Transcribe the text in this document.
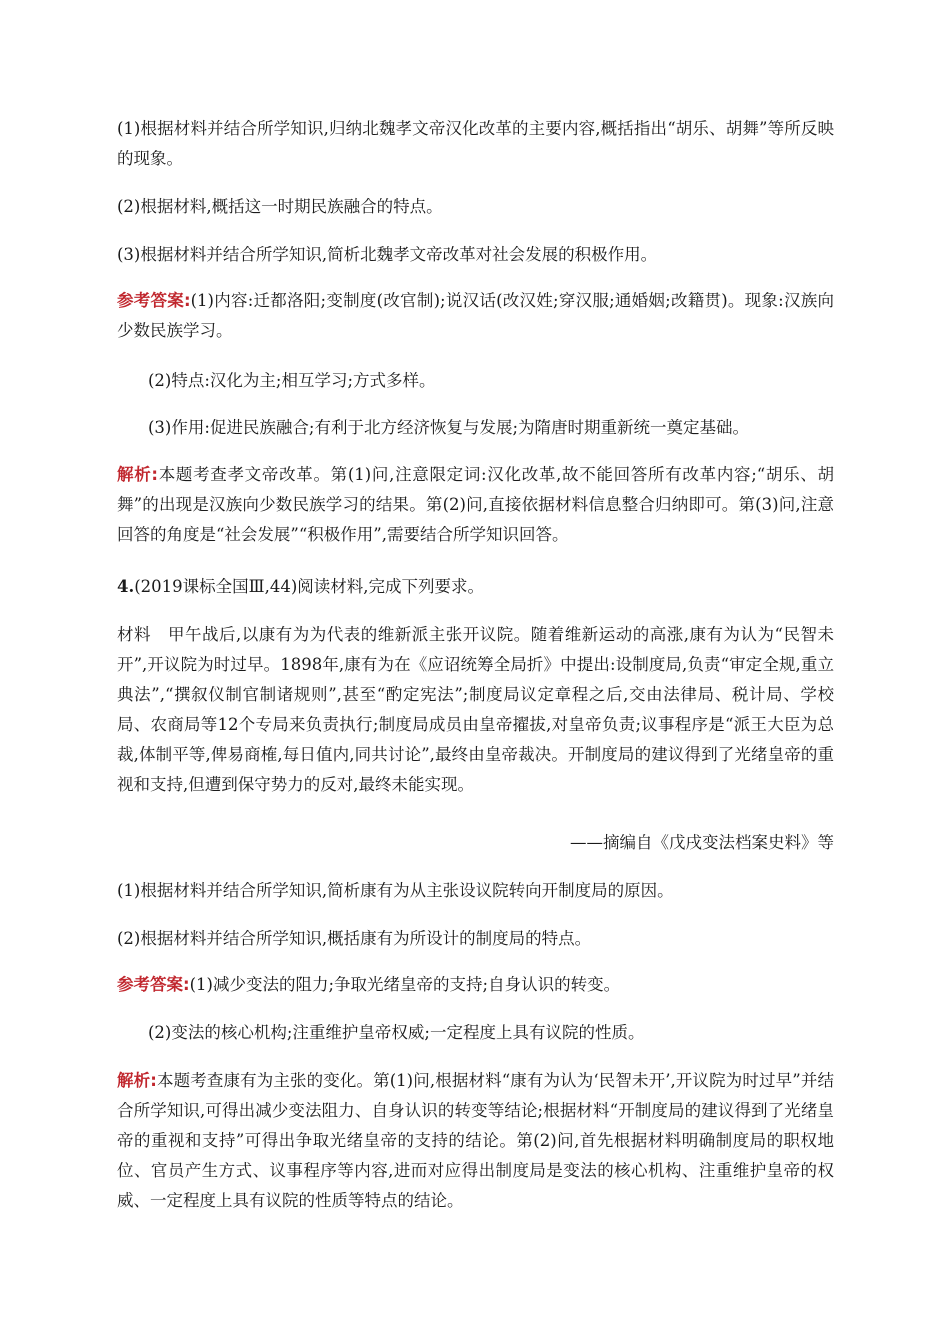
(1)根据材料并结合所学知识,归纳北魏孝文帝汉化改革的主要内容,概括指出“胡乐、胡舞”等所反映的现象。

(2)根据材料,概括这一时期民族融合的特点。

(3)根据材料并结合所学知识,简析北魏孝文帝改革对社会发展的积极作用。

参考答案:(1)内容:迁都洛阳;变制度(改官制);说汉话(改汉姓;穿汉服;通婚姻;改籍贯)。现象:汉族向少数民族学习。

(2)特点:汉化为主;相互学习;方式多样。

(3)作用:促进民族融合;有利于北方经济恢复与发展;为隋唐时期重新统一奠定基础。

解析:本题考查孝文帝改革。第(1)问,注意限定词:汉化改革,故不能回答所有改革内容;“胡乐、胡舞”的出现是汉族向少数民族学习的结果。第(2)问,直接依据材料信息整合归纳即可。第(3)问,注意回答的角度是“社会发展”“积极作用”,需要结合所学知识回答。

4.(2019课标全国Ⅲ,44)阅读材料,完成下列要求。

材料　甲午战后,以康有为为代表的维新派主张开议院。随着维新运动的高涨,康有为认为“民智未开”,开议院为时过早。1898年,康有为在《应诏统筹全局折》中提出:设制度局,负责“审定全规,重立典法”,“撰叙仪制官制诸规则”,甚至“酌定宪法”;制度局议定章程之后,交由法律局、税计局、学校局、农商局等12个专局来负责执行;制度局成员由皇帝擢拔,对皇帝负责;议事程序是“派王大臣为总裁,体制平等,俾易商榷,每日值内,同共讨论”,最终由皇帝裁决。开制度局的建议得到了光绪皇帝的重视和支持,但遭到保守势力的反对,最终未能实现。

——摘编自《戊戌变法档案史料》等

(1)根据材料并结合所学知识,简析康有为从主张设议院转向开制度局的原因。

(2)根据材料并结合所学知识,概括康有为所设计的制度局的特点。

参考答案:(1)减少变法的阻力;争取光绪皇帝的支持;自身认识的转变。

(2)变法的核心机构;注重维护皇帝权威;一定程度上具有议院的性质。

解析:本题考查康有为主张的变化。第(1)问,根据材料“康有为认为‘民智未开’,开议院为时过早”并结合所学知识,可得出减少变法阻力、自身认识的转变等结论;根据材料“开制度局的建议得到了光绪皇帝的重视和支持”可得出争取光绪皇帝的支持的结论。第(2)问,首先根据材料明确制度局的职权地位、官员产生方式、议事程序等内容,进而对应得出制度局是变法的核心机构、注重维护皇帝的权威、一定程度上具有议院的性质等特点的结论。
